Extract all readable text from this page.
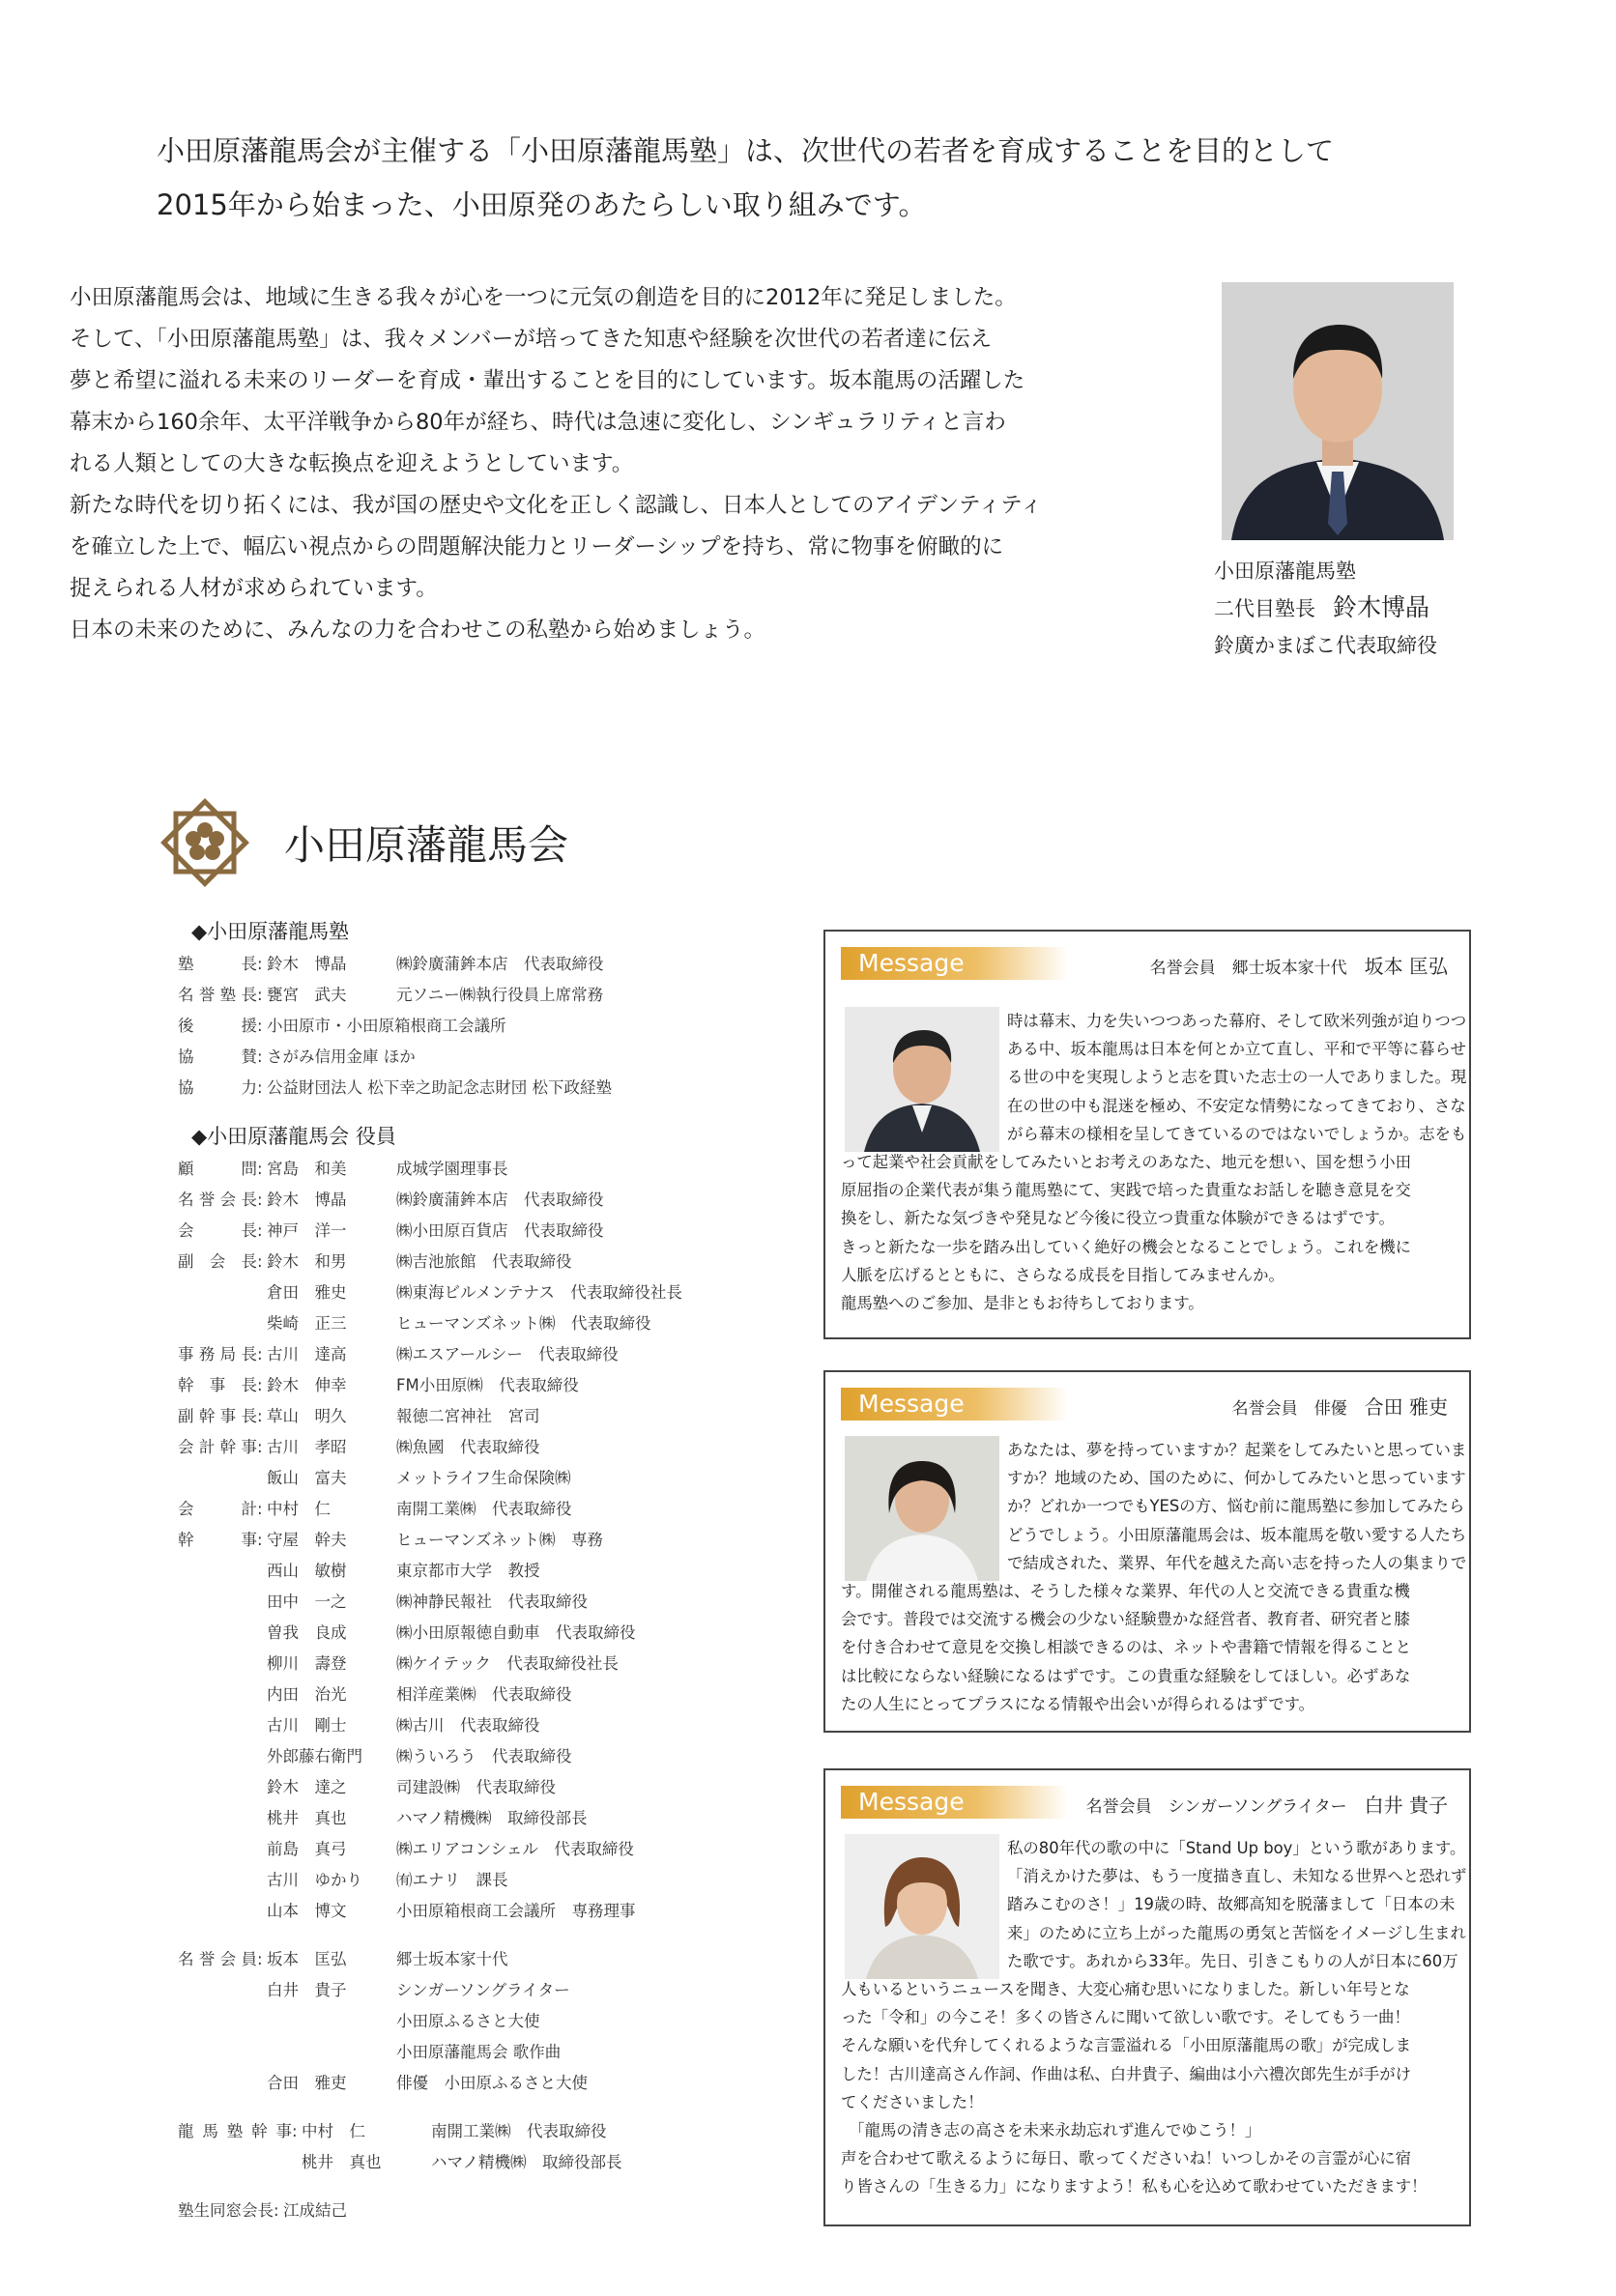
小田原藩龍馬会が主催する「小田原藩龍馬塾」は、次世代の若者を育成することを目的として

2015年から始まった、小田原発のあたらしい取り組みです。

小田原藩龍馬会は、地域に生きる我々が心を一つに元気の創造を目的に2012年に発足しました。

そして、「小田原藩龍馬塾」は、我々メンバーが培ってきた知恵や経験を次世代の若者達に伝え

夢と希望に溢れる未来のリーダーを育成・輩出することを目的にしています。坂本龍馬の活躍した

幕末から160余年、太平洋戦争から80年が経ち、時代は急速に変化し、シンギュラリティと言わ

れる人類としての大きな転換点を迎えようとしています。

新たな時代を切り拓くには、我が国の歴史や文化を正しく認識し、日本人としてのアイデンティティ

を確立した上で、幅広い視点からの問題解決能力とリーダーシップを持ち、常に物事を俯瞰的に

捉えられる人材が求められています。

日本の未来のために、みんなの力を合わせこの私塾から始めましょう。

小田原藩龍馬塾

二代目塾長 鈴木博晶

鈴廣かまぼこ代表取締役

小田原藩龍馬会
◆小田原藩龍馬塾
塾長 : 鈴木　博晶	㈱鈴廣蒲鉾本店　代表取締役
名誉塾長 : 甕宮　武夫	元ソニー㈱執行役員上席常務
後援 : 小田原市・小田原箱根商工会議所
協賛 : さがみ信用金庫 ほか
協力 : 公益財団法人 松下幸之助記念志財団 松下政経塾
◆小田原藩龍馬会 役員
顧問 : 宮島　和美	成城学園理事長
名誉会長 : 鈴木　博晶	㈱鈴廣蒲鉾本店　代表取締役
会長 : 神戸　洋一	㈱小田原百貨店　代表取締役
副会長 : 鈴木　和男	㈱吉池旅館　代表取締役
倉田　雅史	㈱東海ビルメンテナス　代表取締役社長
柴崎　正三	ヒューマンズネット㈱　代表取締役
事務局長 : 古川　達高	㈱エスアールシー　代表取締役
幹事長 : 鈴木　伸幸	FM小田原㈱　代表取締役
副幹事長 : 草山　明久	報徳二宮神社　宮司
会計幹事 : 古川　孝昭	㈱魚國　代表取締役
飯山　富夫	メットライフ生命保険㈱
会計 : 中村　仁	南開工業㈱　代表取締役
幹事 : 守屋　幹夫	ヒューマンズネット㈱　専務
西山　敏樹	東京都市大学　教授
田中　一之	㈱神静民報社　代表取締役
曽我　良成	㈱小田原報徳自動車　代表取締役
柳川　壽登	㈱ケイテック　代表取締役社長
内田　治光	相洋産業㈱　代表取締役
古川　剛士	㈱古川　代表取締役
外郎藤右衛門	㈱ういろう　代表取締役
鈴木　達之	司建設㈱　代表取締役
桃井　真也	ハマノ精機㈱　取締役部長
前島　真弓	㈱エリアコンシェル　代表取締役
古川　ゆかり	㈲エナリ　課長
山本　博文	小田原箱根商工会議所　専務理事
名誉会員 : 坂本　匡弘	郷士坂本家十代
白井　貴子	シンガーソングライター
小田原ふるさと大使
小田原藩龍馬会 歌作曲
合田　雅吏	俳優　小田原ふるさと大使
龍馬塾幹事 : 中村　仁	南開工業㈱　代表取締役
桃井　真也	ハマノ精機㈱　取締役部長
塾生同窓会長 : 江成結己
Message	名誉会員　郷士坂本家十代 坂本 匡弘

時は幕末、力を失いつつあった幕府、そして欧米列強が迫りつつ

ある中、坂本龍馬は日本を何とか立て直し、平和で平等に暮らせ

る世の中を実現しようと志を貫いた志士の一人でありました。現

在の世の中も混迷を極め、不安定な情勢になってきており、さな

がら幕末の様相を呈してきているのではないでしょうか。志をも

って起業や社会貢献をしてみたいとお考えのあなた、地元を想い、国を想う小田

原屈指の企業代表が集う龍馬塾にて、実践で培った貴重なお話しを聴き意見を交

換をし、新たな気づきや発見など今後に役立つ貴重な体験ができるはずです。

きっと新たな一歩を踏み出していく絶好の機会となることでしょう。これを機に

人脈を広げるとともに、さらなる成長を目指してみませんか。

龍馬塾へのご参加、是非ともお待ちしております。

Message	名誉会員　俳優 合田 雅吏

あなたは、夢を持っていますか？起業をしてみたいと思っていま

すか？地域のため、国のために、何かしてみたいと思っています

か？どれか一つでもYESの方、悩む前に龍馬塾に参加してみたら

どうでしょう。小田原藩龍馬会は、坂本龍馬を敬い愛する人たち

で結成された、業界、年代を越えた高い志を持った人の集まりで

す。開催される龍馬塾は、そうした様々な業界、年代の人と交流できる貴重な機

会です。普段では交流する機会の少ない経験豊かな経営者、教育者、研究者と膝

を付き合わせて意見を交換し相談できるのは、ネットや書籍で情報を得ることと

は比較にならない経験になるはずです。この貴重な経験をしてほしい。必ずあな

たの人生にとってプラスになる情報や出会いが得られるはずです。

Message	名誉会員　シンガーソングライター 白井 貴子

私の80年代の歌の中に「Stand Up boy」という歌があります。

「消えかけた夢は、もう一度描き直し、未知なる世界へと恐れず

踏みこむのさ！」19歳の時、故郷高知を脱藩まして「日本の未

来」のために立ち上がった龍馬の勇気と苦悩をイメージし生まれ

た歌です。あれから33年。先日、引きこもりの人が日本に60万

人もいるというニュースを聞き、大変心痛む思いになりました。新しい年号とな

った「令和」の今こそ！多くの皆さんに聞いて欲しい歌です。そしてもう一曲！

そんな願いを代弁してくれるような言霊溢れる「小田原藩龍馬の歌」が完成しま

した！古川達高さん作詞、作曲は私、白井貴子、編曲は小六禮次郎先生が手がけ

てくださいました！

　「龍馬の清き志の高さを未来永劫忘れず進んでゆこう！」

声を合わせて歌えるように毎日、歌ってくださいね！いつしかその言霊が心に宿

り皆さんの「生きる力」になりますよう！私も心を込めて歌わせていただきます！
